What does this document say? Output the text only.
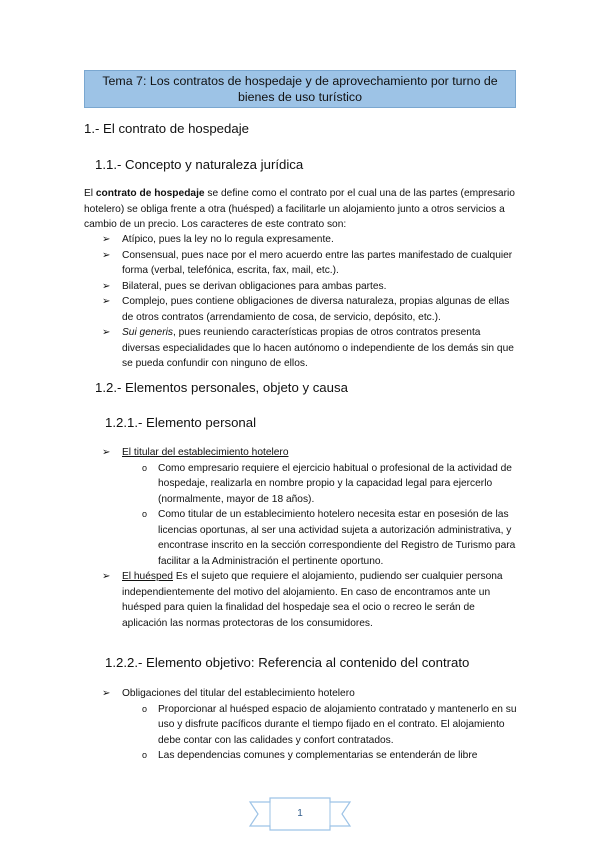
Tema 7: Los contratos de hospedaje y de aprovechamiento por turno de
bienes de uso turístico
1.- El contrato de hospedaje
1.1.- Concepto y naturaleza jurídica
El contrato de hospedaje se define como el contrato por el cual una de las partes (empresario hotelero) se obliga frente a otra (huésped) a facilitarle un alojamiento junto a otros servicios a cambio de un precio. Los caracteres de este contrato son:
➢ Atípico, pues la ley no lo regula expresamente.
➢ Consensual, pues nace por el mero acuerdo entre las partes manifestado de cualquier forma (verbal, telefónica, escrita, fax, mail, etc.).
➢ Bilateral, pues se derivan obligaciones para ambas partes.
➢ Complejo, pues contiene obligaciones de diversa naturaleza, propias algunas de ellas de otros contratos (arrendamiento de cosa, de servicio, depósito, etc.).
➢ Sui generis, pues reuniendo características propias de otros contratos presenta diversas especialidades que lo hacen autónomo o independiente de los demás sin que se pueda confundir con ninguno de ellos.
1.2.- Elementos personales, objeto y causa
1.2.1.- Elemento personal
➢ El titular del establecimiento hotelero
o Como empresario requiere el ejercicio habitual o profesional de la actividad de hospedaje, realizarla en nombre propio y la capacidad legal para ejercerlo (normalmente, mayor de 18 años).
o Como titular de un establecimiento hotelero necesita estar en posesión de las licencias oportunas, al ser una actividad sujeta a autorización administrativa, y encontrase inscrito en la sección correspondiente del Registro de Turismo para facilitar a la Administración el pertinente oportuno.
➢ El huésped Es el sujeto que requiere el alojamiento, pudiendo ser cualquier persona independientemente del motivo del alojamiento. En caso de encontramos ante un huésped para quien la finalidad del hospedaje sea el ocio o recreo le serán de aplicación las normas protectoras de los consumidores.
1.2.2.- Elemento objetivo: Referencia al contenido del contrato
➢ Obligaciones del titular del establecimiento hotelero
o Proporcionar al huésped espacio de alojamiento contratado y mantenerlo en su uso y disfrute pacíficos durante el tiempo fijado en el contrato. El alojamiento debe contar con las calidades y confort contratados.
o Las dependencias comunes y complementarias se entenderán de libre
1
